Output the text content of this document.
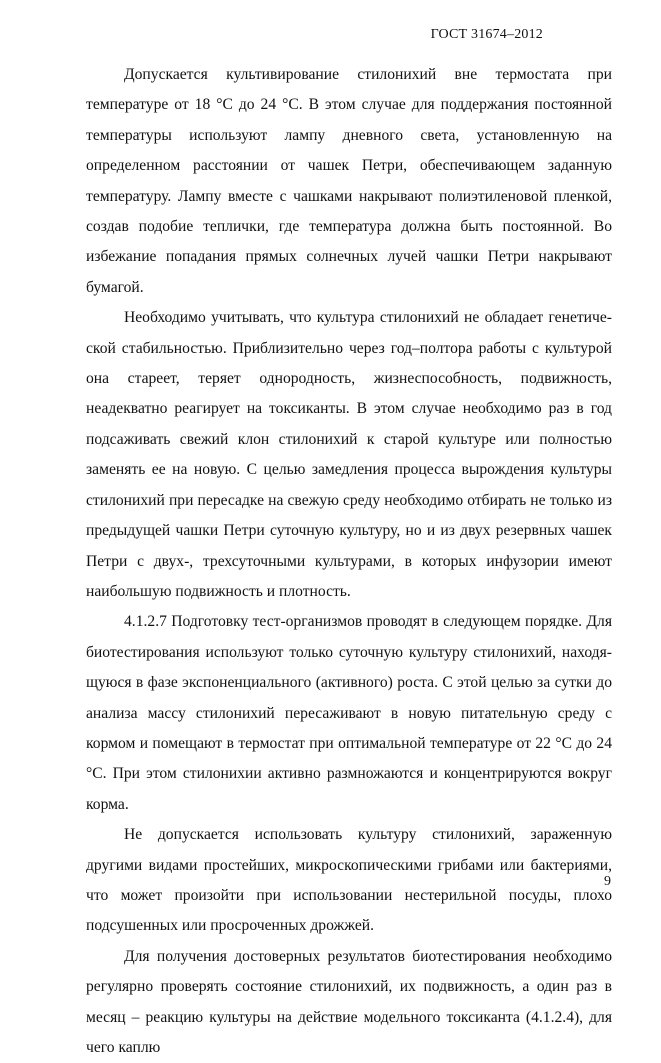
ГОСТ 31674–2012

Допускается культивирование стилонихий вне термостата при температуре от 18 °С до 24 °С. В этом случае для поддержания постоянной температуры используют лампу дневного света, установленную на определенном расстоянии от чашек Петри, обеспечивающем заданную температуру. Лампу вместе с чашками накрывают полиэтиленовой пленкой, создав подобие теплички, где температура должна быть постоянной. Во избежание попадания прямых солнечных лучей чашки Петри накрывают бумагой.

Необходимо учитывать, что культура стилонихий не обладает генетической стабильностью. Приблизительно через год–полтора работы с культурой она стареет, теряет однородность, жизнеспособность, подвижность, неадекватно реагирует на токсиканты. В этом случае необходимо раз в год подсаживать свежий клон стилонихий к старой культуре или полностью заменять ее на новую. С целью замедления процесса вырождения культуры стилонихий при пересадке на свежую среду необходимо отбирать не только из предыдущей чашки Петри суточную культуру, но и из двух резервных чашек Петри с двух-, трехсуточными культурами, в которых инфузории имеют наибольшую подвижность и плотность.

4.1.2.7 Подготовку тест-организмов проводят в следующем порядке. Для биотестирования используют только суточную культуру стилонихий, находящуюся в фазе экспоненциального (активного) роста. С этой целью за сутки до анализа массу стилонихий пересаживают в новую питательную среду с кормом и помещают в термостат при оптимальной температуре от 22 °С до 24 °С. При этом стилонихии активно размножаются и концентрируются вокруг корма.

Не допускается использовать культуру стилонихий, зараженную другими видами простейших, микроскопическими грибами или бактериями, что может произойти при использовании нестерильной посуды, плохо подсушенных или просроченных дрожжей.

Для получения достоверных результатов биотестирования необходимо регулярно проверять состояние стилонихий, их подвижность, а один раз в месяц – реакцию культуры на действие модельного токсиканта (4.1.2.4), для чего каплю

9
